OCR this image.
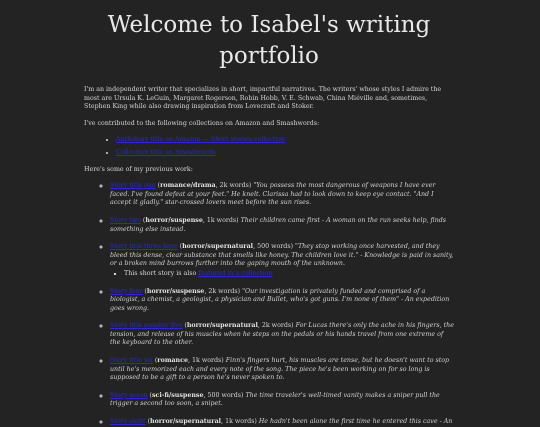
Welcome to Isabel's writing portfolio

I'm an independent writer that specializes in short, impactful narratives. The writers' whose styles I admire the most are Ursula K. LeGuin, Margaret Rogerson, Robin Hobb, V. E. Schwab, China Miéville and, sometimes, Stephen King while also drawing inspiration from Lovecraft and Stoker.

I've contributed to the following collections on Amazon and Smashwords:

• Anthology title on Amazon — Short stories collection
• Collection title on Smashwords

Here's some of my previous work:

◦ Story title one (romance/drama, 2k words) "You possess the most dangerous of weapons I have ever faced. I've found defeat at your feet." He knelt. Clarissa had to look down to keep eye contact. "And I accept it gladly." star-crossed lovers meet before the sun rises.
◦ Story two (horror/suspense, 1k words) Their children came first - A woman on the run seeks help, finds something else instead.
◦ Story title three here (horror/supernatural, 500 words) "They stop working once harvested, and they bleed this dense, clear substance that smells like honey. The children love it." - Knowledge is paid in sanity, or a broken mind burrows further into the gaping mouth of the unknown.
▪ This short story is also featured in a collection
◦ Story four (horror/suspense, 2k words) "Our investigation is privately funded and comprised of a biologist, a chemist, a geologist, a physician and Bullet, who's got guns. I'm none of them" - An expedition goes wrong.
◦ Story title number five (horror/supernatural, 2k words) For Lucas there's only the ache in his fingers, the tension, and release of his muscles when he steps on the pedals or his hands travel from one extreme of the keyboard to the other.
◦ Story title six (romance, 1k words) Finn's fingers hurt, his muscles are tense, but he doesn't want to stop until he's memorized each and every note of the song. The piece he's been working on for so long is supposed to be a gift to a person he's never spoken to.
◦ Story seven (sci-fi/suspense, 500 words) The time traveler's well-timed vanity makes a sniper pull the trigger a second too soon, a snipet.
◦ Story eight (horror/supernatural, 1k words) He hadn't been alone the first time he entered this cave - An
